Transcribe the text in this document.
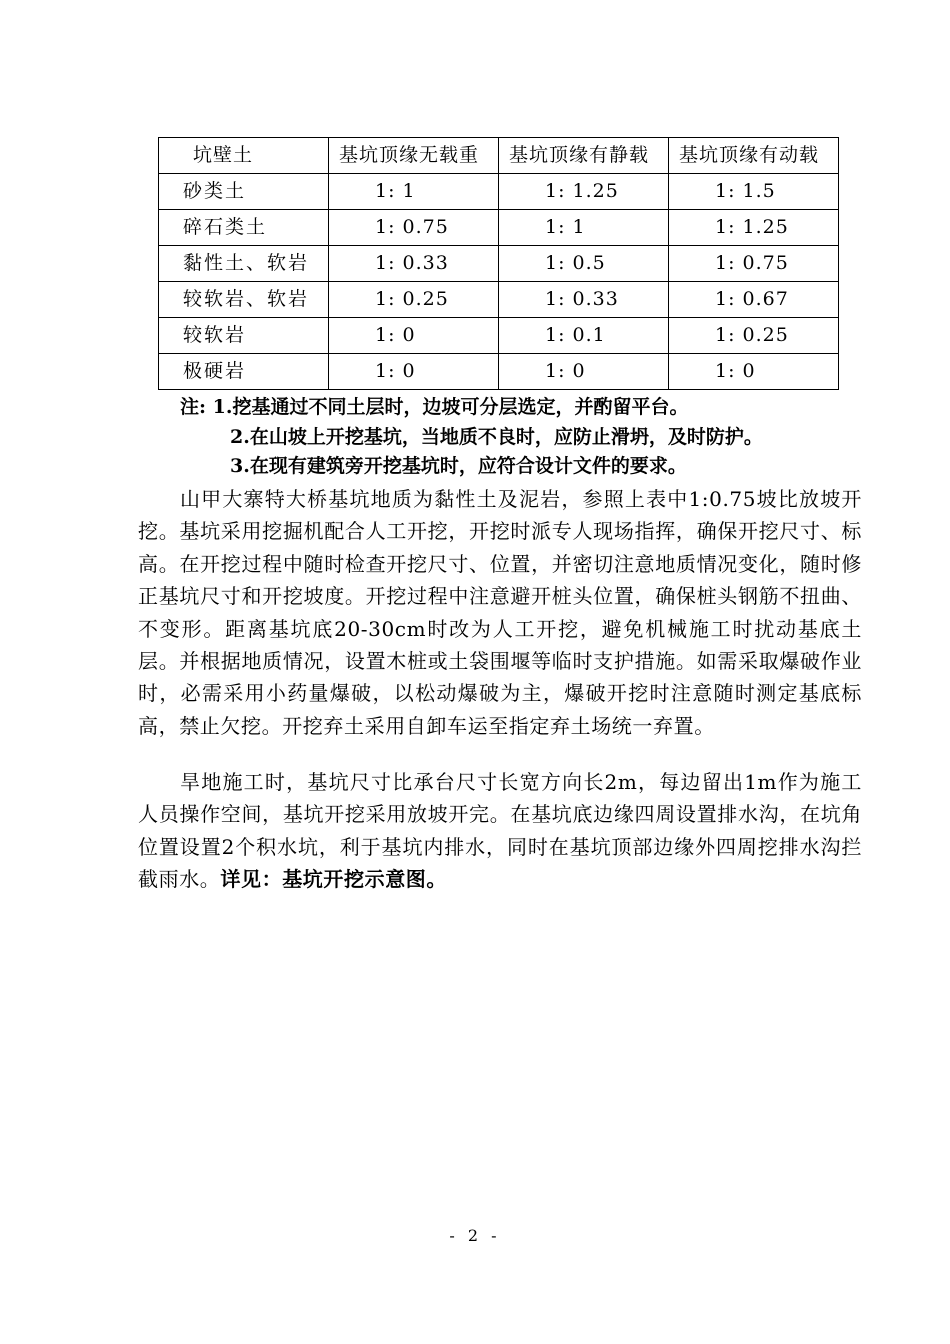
坑壁土	基坑顶缘无载重	基坑顶缘有静载	基坑顶缘有动载
砂类土	1: 1	1: 1.25	1: 1.5
碎石类土	1: 0.75	1: 1	1: 1.25
黏性土、软岩	1: 0.33	1: 0.5	1: 0.75
较软岩、软岩	1: 0.25	1: 0.33	1: 0.67
较软岩	1: 0	1: 0.1	1: 0.25
极硬岩	1: 0	1: 0	1: 0
注: 1.挖基通过不同土层时，边坡可分层选定，并酌留平台。
2.在山坡上开挖基坑，当地质不良时，应防止滑坍，及时防护。
3.在现有建筑旁开挖基坑时，应符合设计文件的要求。

山甲大寨特大桥基坑地质为黏性土及泥岩，参照上表中1:0.75坡比放坡开挖。基坑采用挖掘机配合人工开挖，开挖时派专人现场指挥，确保开挖尺寸、标高。在开挖过程中随时检查开挖尺寸、位置，并密切注意地质情况变化，随时修正基坑尺寸和开挖坡度。开挖过程中注意避开桩头位置，确保桩头钢筋不扭曲、不变形。距离基坑底20-30cm时改为人工开挖，避免机械施工时扰动基底土层。并根据地质情况，设置木桩或土袋围堰等临时支护措施。如需采取爆破作业时，必需采用小药量爆破，以松动爆破为主，爆破开挖时注意随时测定基底标高，禁止欠挖。开挖弃土采用自卸车运至指定弃土场统一弃置。

旱地施工时，基坑尺寸比承台尺寸长宽方向长2m，每边留出1m作为施工人员操作空间，基坑开挖采用放坡开完。在基坑底边缘四周设置排水沟，在坑角位置设置2个积水坑，利于基坑内排水，同时在基坑顶部边缘外四周挖排水沟拦截雨水。详见：基坑开挖示意图。

- 2 -
